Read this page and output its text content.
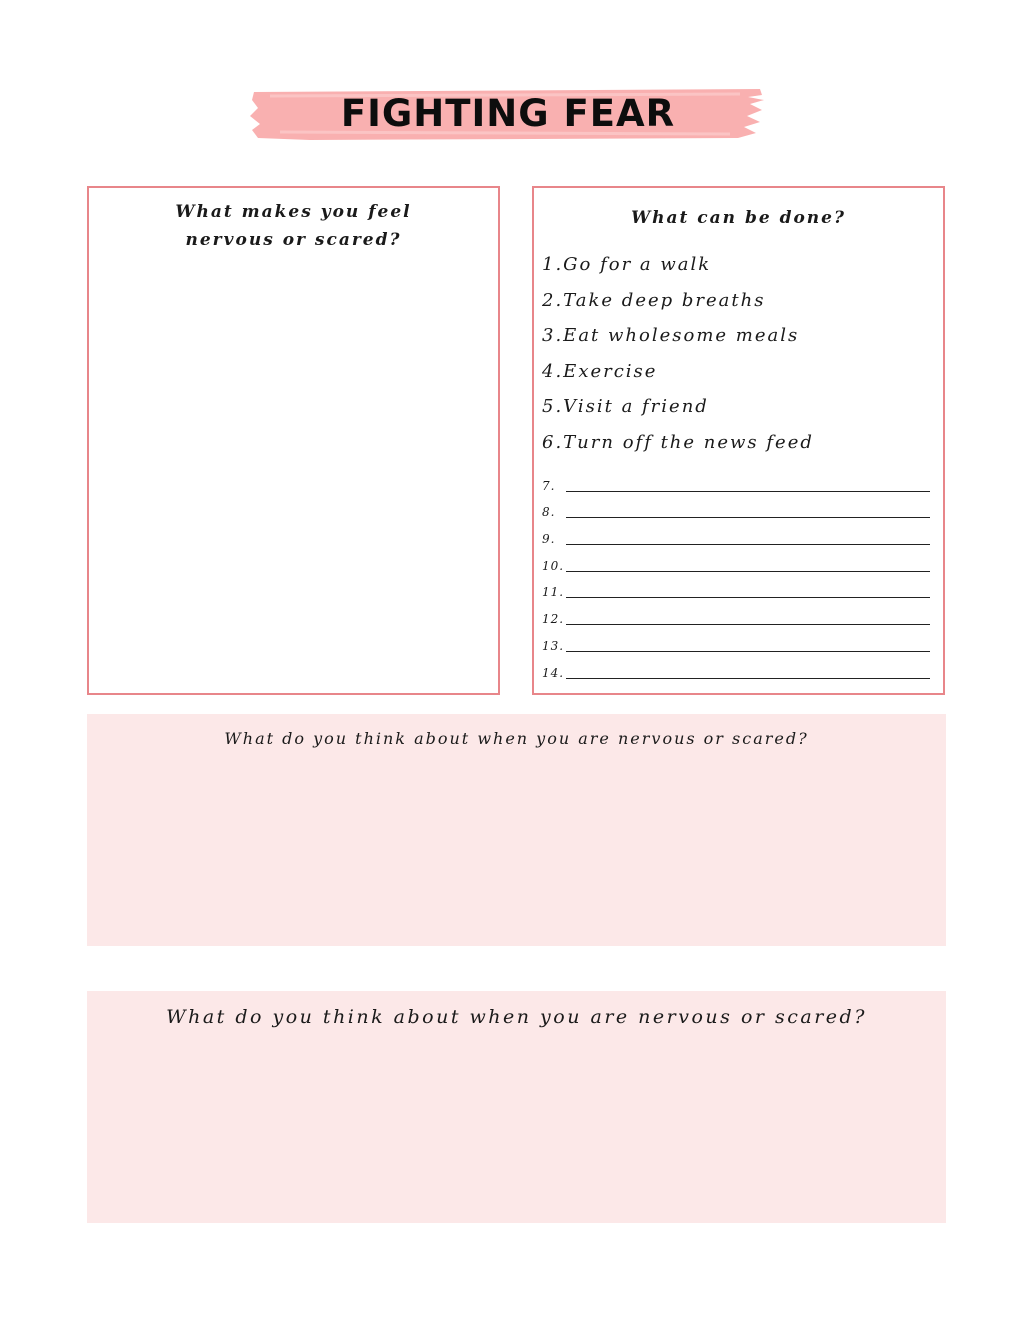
FIGHTING FEAR
What makes you feel nervous or scared?
What can be done?
1.Go for a walk
2.Take deep breaths
3.Eat wholesome meals
4.Exercise
5.Visit a friend
6.Turn off the news feed
7.
8.
9.
10.
11.
12.
13.
14.
What do you think about when you are nervous or scared?
What do you think about when you are nervous or scared?
